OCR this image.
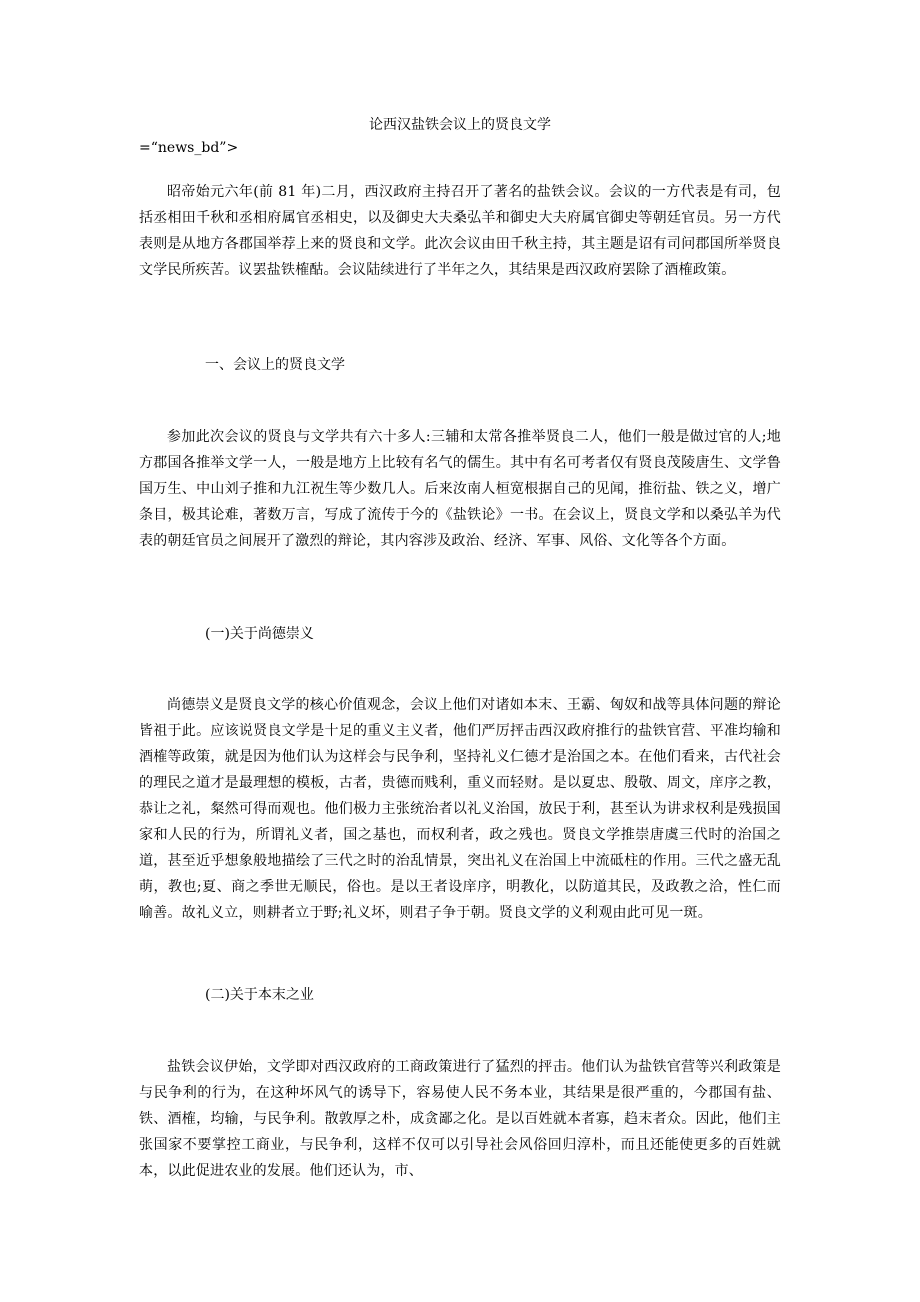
论西汉盐铁会议上的贤良文学

=“news_bd”>

昭帝始元六年(前 81 年)二月，西汉政府主持召开了著名的盐铁会议。会议的一方代表是有司，包括丞相田千秋和丞相府属官丞相史，以及御史大夫桑弘羊和御史大夫府属官御史等朝廷官员。另一方代表则是从地方各郡国举荐上来的贤良和文学。此次会议由田千秋主持，其主题是诏有司问郡国所举贤良文学民所疾苦。议罢盐铁榷酤。会议陆续进行了半年之久，其结果是西汉政府罢除了酒榷政策。

一、会议上的贤良文学

参加此次会议的贤良与文学共有六十多人:三辅和太常各推举贤良二人，他们一般是做过官的人;地方郡国各推举文学一人，一般是地方上比较有名气的儒生。其中有名可考者仅有贤良茂陵唐生、文学鲁国万生、中山刘子推和九江祝生等少数几人。后来汝南人桓宽根据自己的见闻，推衍盐、铁之义，增广条目，极其论难，著数万言，写成了流传于今的《盐铁论》一书。在会议上，贤良文学和以桑弘羊为代表的朝廷官员之间展开了激烈的辩论，其内容涉及政治、经济、军事、风俗、文化等各个方面。

(一)关于尚德崇义

尚德崇义是贤良文学的核心价值观念，会议上他们对诸如本末、王霸、匈奴和战等具体问题的辩论皆祖于此。应该说贤良文学是十足的重义主义者，他们严厉抨击西汉政府推行的盐铁官营、平准均输和酒榷等政策，就是因为他们认为这样会与民争利，坚持礼义仁德才是治国之本。在他们看来，古代社会的理民之道才是最理想的模板，古者，贵德而贱利，重义而轻财。是以夏忠、殷敬、周文，庠序之教，恭让之礼，粲然可得而观也。他们极力主张统治者以礼义治国，放民于利，甚至认为讲求权利是残损国家和人民的行为，所谓礼义者，国之基也，而权利者，政之残也。贤良文学推崇唐虞三代时的治国之道，甚至近乎想象般地描绘了三代之时的治乱情景，突出礼义在治国上中流砥柱的作用。三代之盛无乱萌，教也;夏、商之季世无顺民，俗也。是以王者设庠序，明教化，以防道其民，及政教之洽，性仁而喻善。故礼义立，则耕者立于野;礼义坏，则君子争于朝。贤良文学的义利观由此可见一斑。

(二)关于本末之业

盐铁会议伊始，文学即对西汉政府的工商政策进行了猛烈的抨击。他们认为盐铁官营等兴利政策是与民争利的行为，在这种坏风气的诱导下，容易使人民不务本业，其结果是很严重的，今郡国有盐、铁、酒榷，均输，与民争利。散敦厚之朴，成贪鄙之化。是以百姓就本者寡，趋末者众。因此，他们主张国家不要掌控工商业，与民争利，这样不仅可以引导社会风俗回归淳朴，而且还能使更多的百姓就本，以此促进农业的发展。他们还认为，市、
